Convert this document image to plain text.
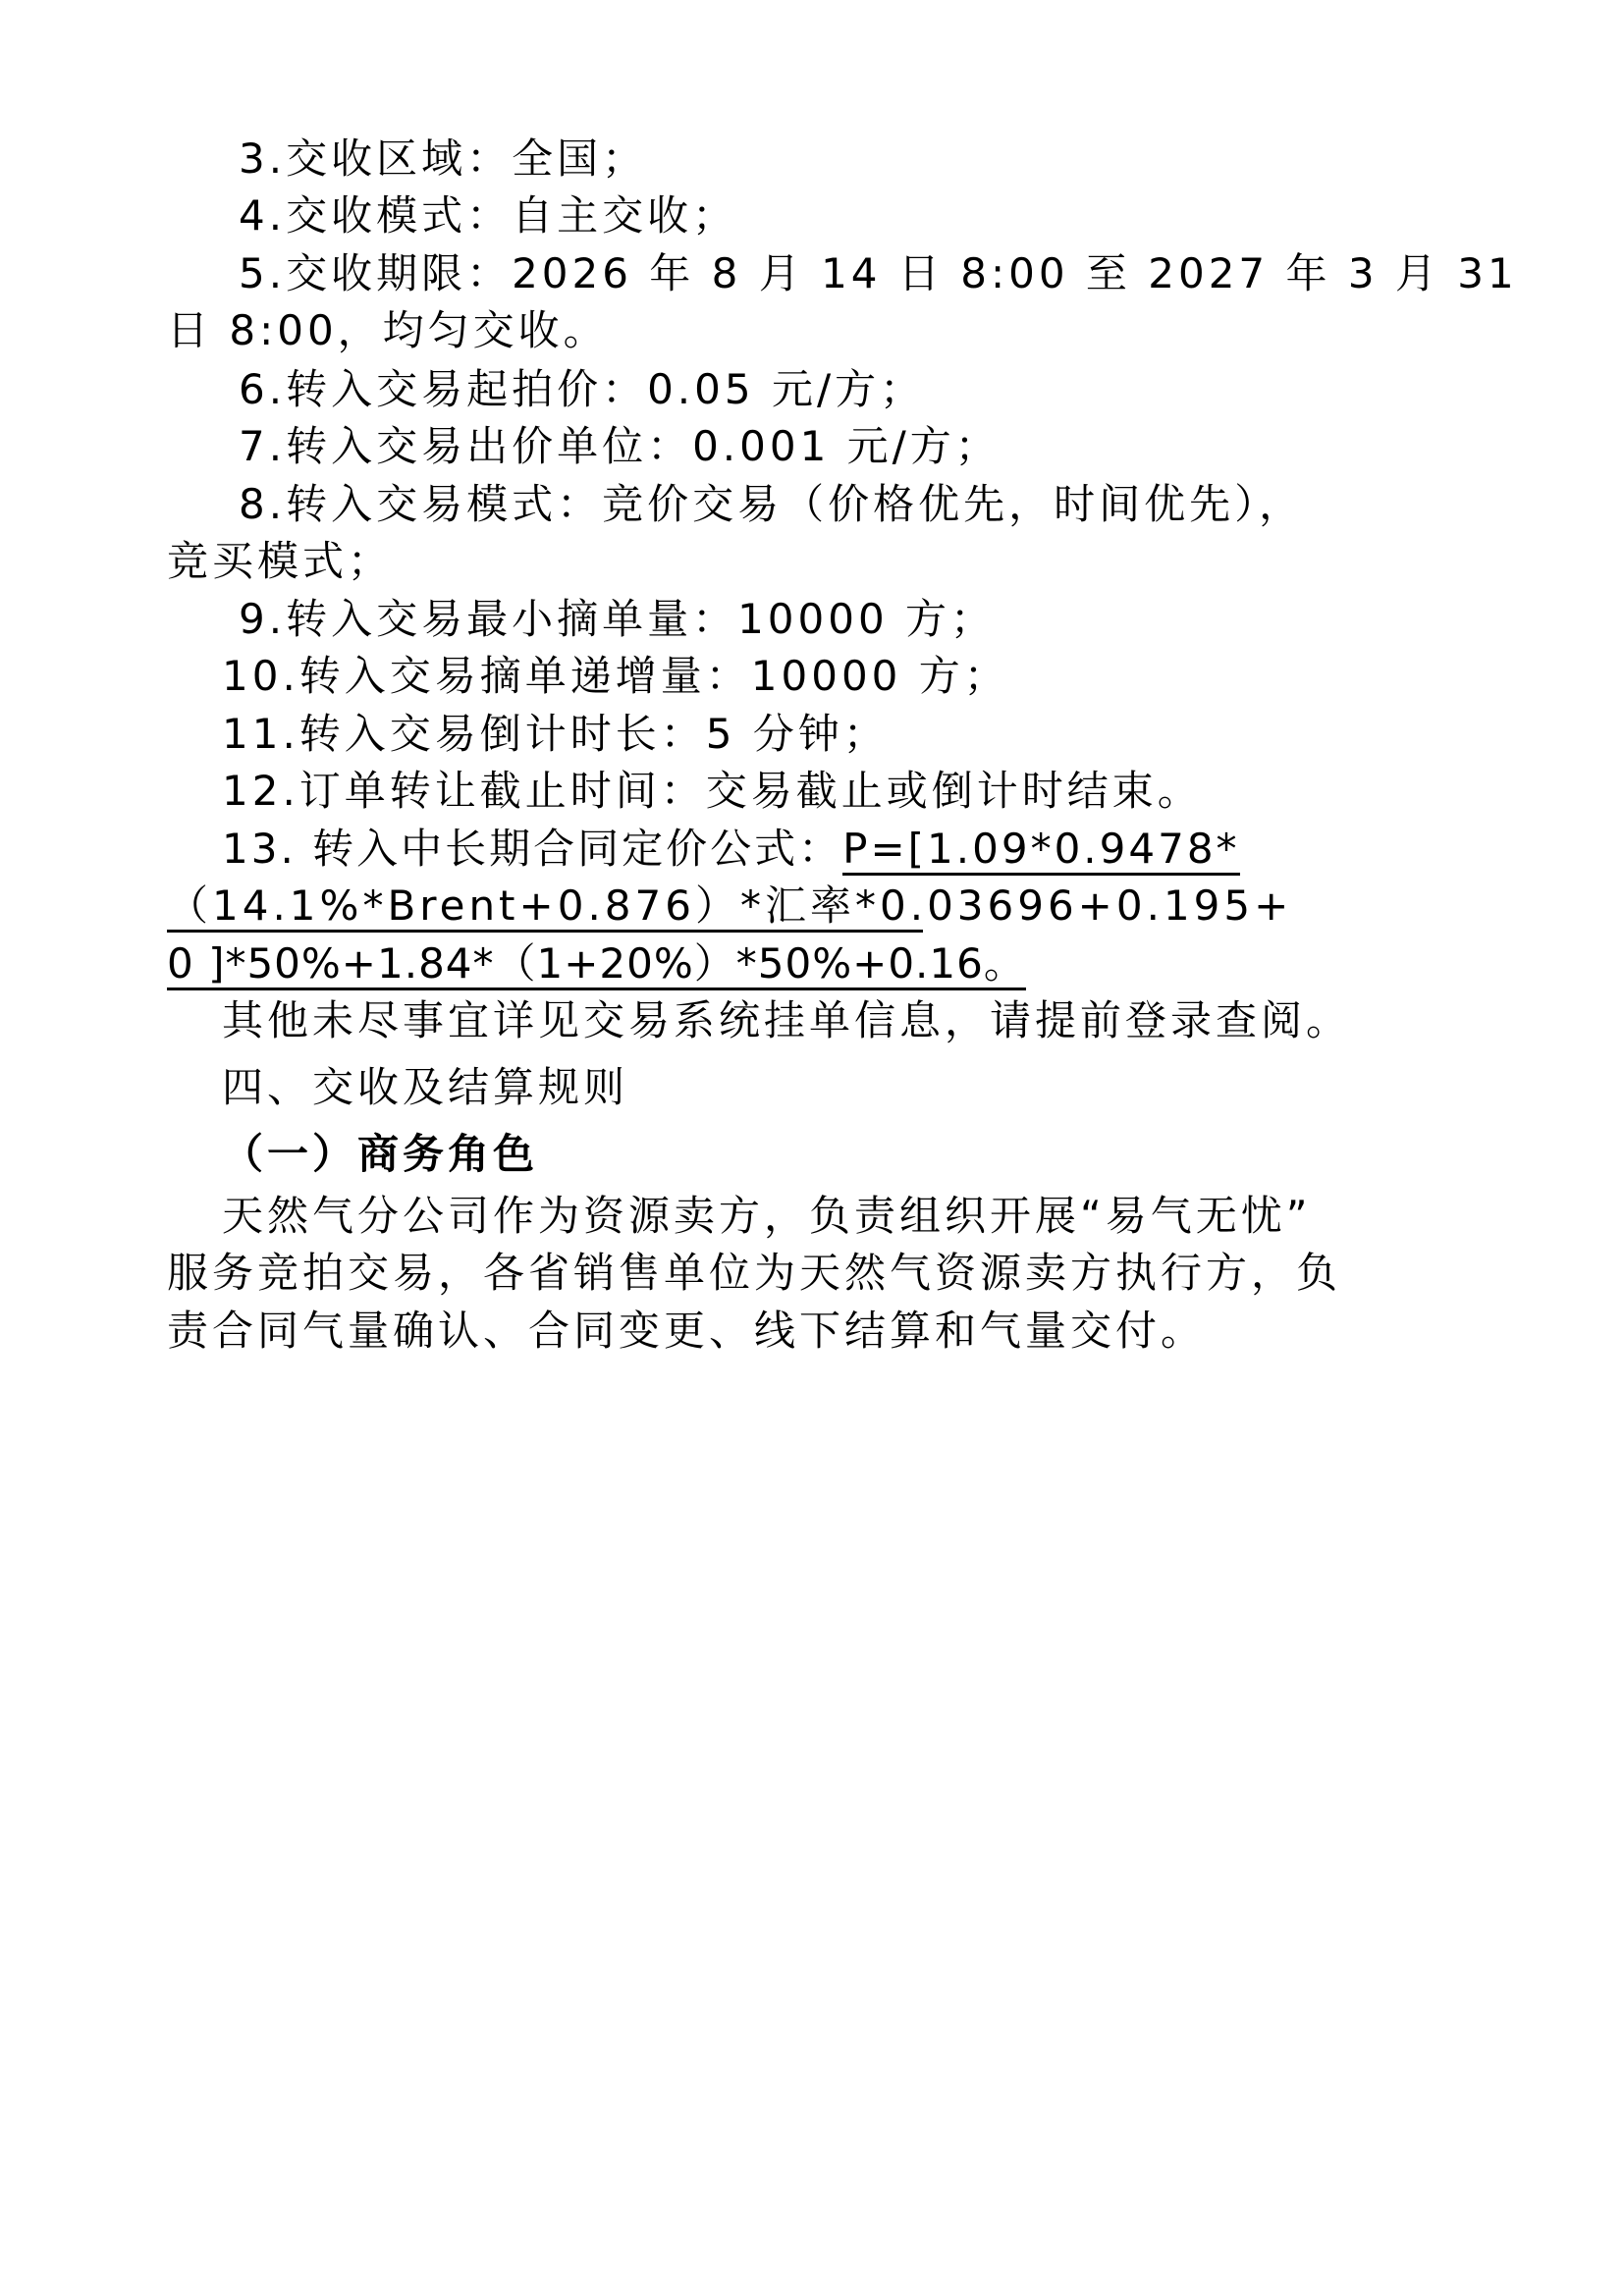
3.交收区域：全国；
4.交收模式：自主交收；
5.交收期限：2026 年 8 月 14 日 8:00 至 2027 年 3 月 31
日 8:00，均匀交收。
6.转入交易起拍价：0.05 元/方；
7.转入交易出价单位：0.001 元/方；
8.转入交易模式：竞价交易（价格优先，时间优先），
竞买模式；
9.转入交易最小摘单量：10000 方；
10.转入交易摘单递增量：10000 方；
11.转入交易倒计时长：5 分钟；
12.订单转让截止时间：交易截止或倒计时结束。
13. 转入中长期合同定价公式：P=[1.09*0.9478*
（ 14.1%*Brent+0.876 ） * 汇 率 *0.03696+ 0.195 +
0 ]*50%+1.84*（1+20%）*50%+0.16。
其他未尽事宜详见交易系统挂单信息，请提前登录查阅。
四、交收及结算规则
（一）商务角色
天然气分公司作为资源卖方，负责组织开展“易气无忧”
服务竞拍交易，各省销售单位为天然气资源卖方执行方，负
责合同气量确认、合同变更、线下结算和气量交付。
